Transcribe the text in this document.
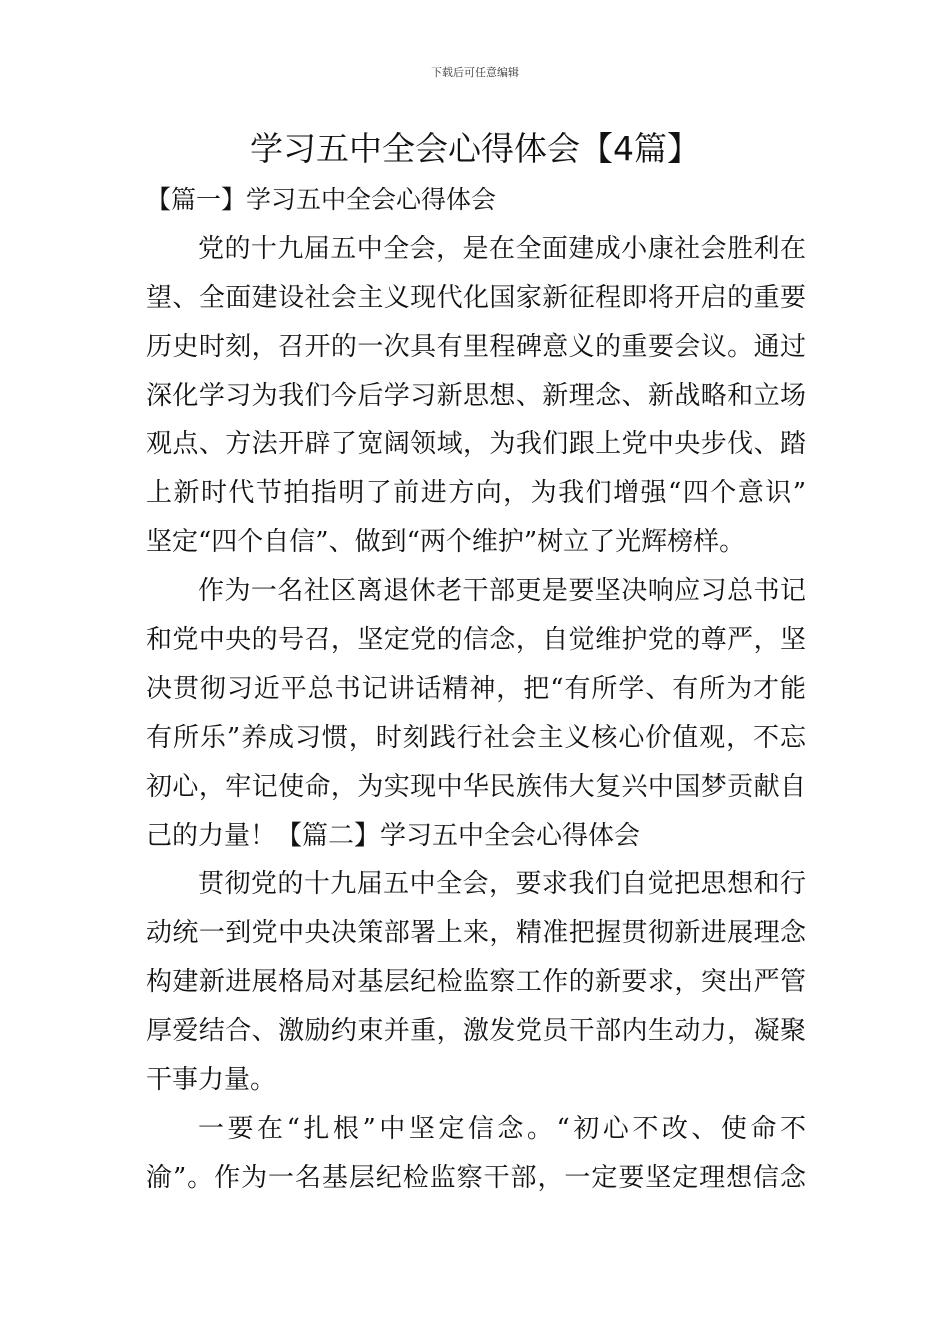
下载后可任意编辑
学习五中全会心得体会【4篇】
【篇一】学习五中全会心得体会
党的十九届五中全会，是在全面建成小康社会胜利在
望、全面建设社会主义现代化国家新征程即将开启的重要
历史时刻，召开的一次具有里程碑意义的重要会议。通过
深化学习为我们今后学习新思想、新理念、新战略和立场
观点、方法开辟了宽阔领域，为我们跟上党中央步伐、踏
上新时代节拍指明了前进方向，为我们增强“四个意识”
坚定“四个自信”、做到“两个维护”树立了光辉榜样。
作为一名社区离退休老干部更是要坚决响应习总书记
和党中央的号召，坚定党的信念，自觉维护党的尊严，坚
决贯彻习近平总书记讲话精神，把“有所学、有所为才能
有所乐”养成习惯，时刻践行社会主义核心价值观，不忘
初心，牢记使命，为实现中华民族伟大复兴中国梦贡献自
己的力量！【篇二】学习五中全会心得体会
贯彻党的十九届五中全会，要求我们自觉把思想和行
动统一到党中央决策部署上来，精准把握贯彻新进展理念
构建新进展格局对基层纪检监察工作的新要求，突出严管
厚爱结合、激励约束并重，激发党员干部内生动力，凝聚
干事力量。
一要在“扎根”中坚定信念。“初心不改、使命不
渝”。作为一名基层纪检监察干部，一定要坚定理想信念
